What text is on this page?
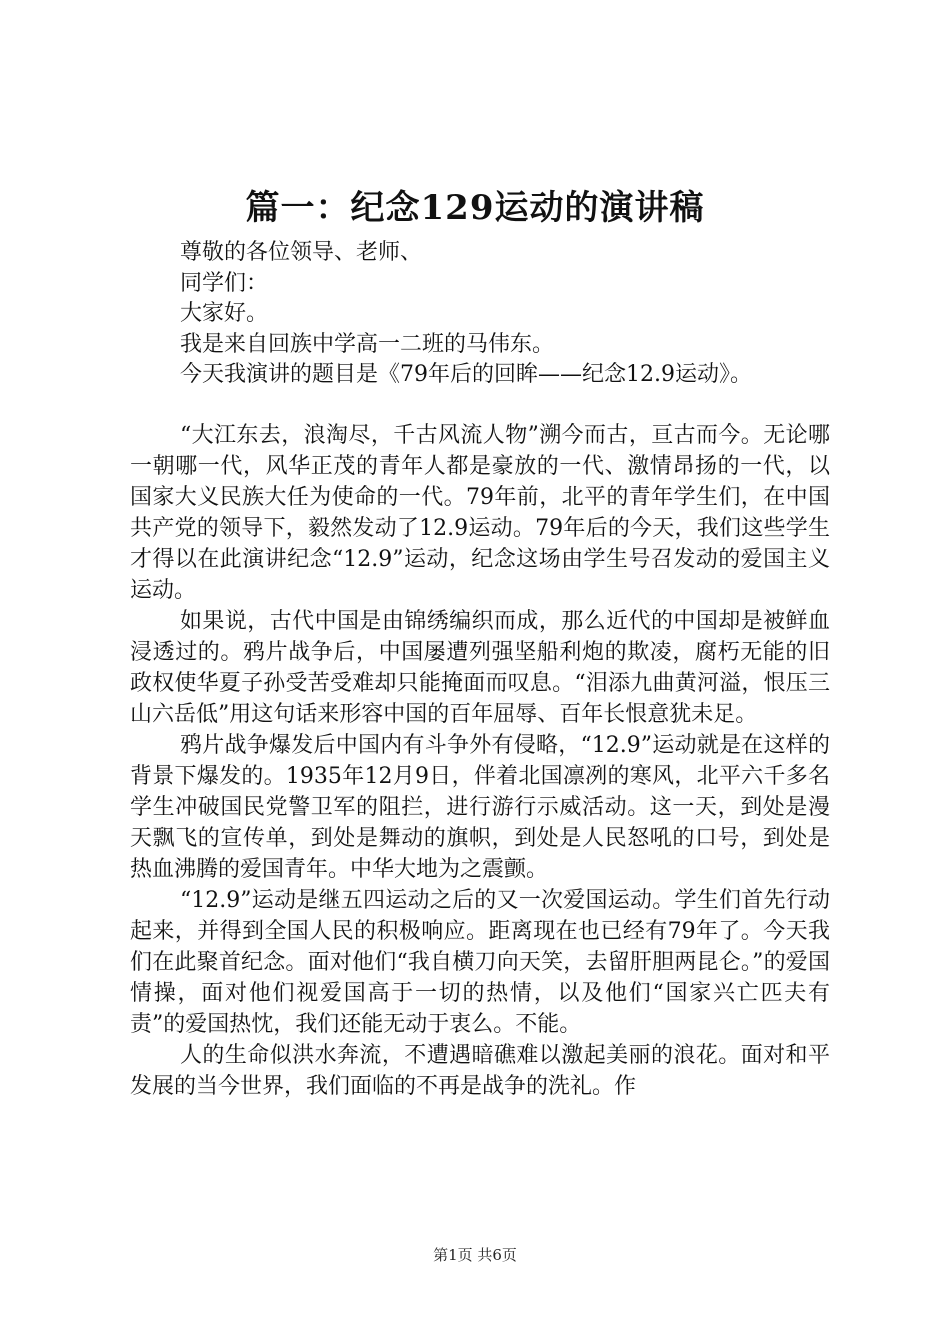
篇一：纪念129运动的演讲稿
尊敬的各位领导、老师、
同学们：
大家好。
我是来自回族中学高一二班的马伟东。
今天我演讲的题目是《79年后的回眸——纪念12.9运动》。

“大江东去，浪淘尽，千古风流人物”溯今而古，亘古而今。无论哪一朝哪一代，风华正茂的青年人都是豪放的一代、激情昂扬的一代，以国家大义民族大任为使命的一代。79年前，北平的青年学生们，在中国共产党的领导下，毅然发动了12.9运动。79年后的今天，我们这些学生才得以在此演讲纪念“12.9”运动，纪念这场由学生号召发动的爱国主义运动。

如果说，古代中国是由锦绣编织而成，那么近代的中国却是被鲜血浸透过的。鸦片战争后，中国屡遭列强坚船利炮的欺凌，腐朽无能的旧政权使华夏子孙受苦受难却只能掩面而叹息。“泪添九曲黄河溢，恨压三山六岳低”用这句话来形容中国的百年屈辱、百年长恨意犹未足。

鸦片战争爆发后中国内有斗争外有侵略，“12.9”运动就是在这样的背景下爆发的。1935年12月9日，伴着北国凛冽的寒风，北平六千多名学生冲破国民党警卫军的阻拦，进行游行示威活动。这一天，到处是漫天飘飞的宣传单，到处是舞动的旗帜，到处是人民怒吼的口号，到处是热血沸腾的爱国青年。中华大地为之震颤。

“12.9”运动是继五四运动之后的又一次爱国运动。学生们首先行动起来，并得到全国人民的积极响应。距离现在也已经有79年了。今天我们在此聚首纪念。面对他们“我自横刀向天笑，去留肝胆两昆仑。”的爱国情操，面对他们视爱国高于一切的热情，以及他们“国家兴亡匹夫有责”的爱国热忱，我们还能无动于衷么。不能。

人的生命似洪水奔流，不遭遇暗礁难以激起美丽的浪花。面对和平发展的当今世界，我们面临的不再是战争的洗礼。作

第1页 共6页
